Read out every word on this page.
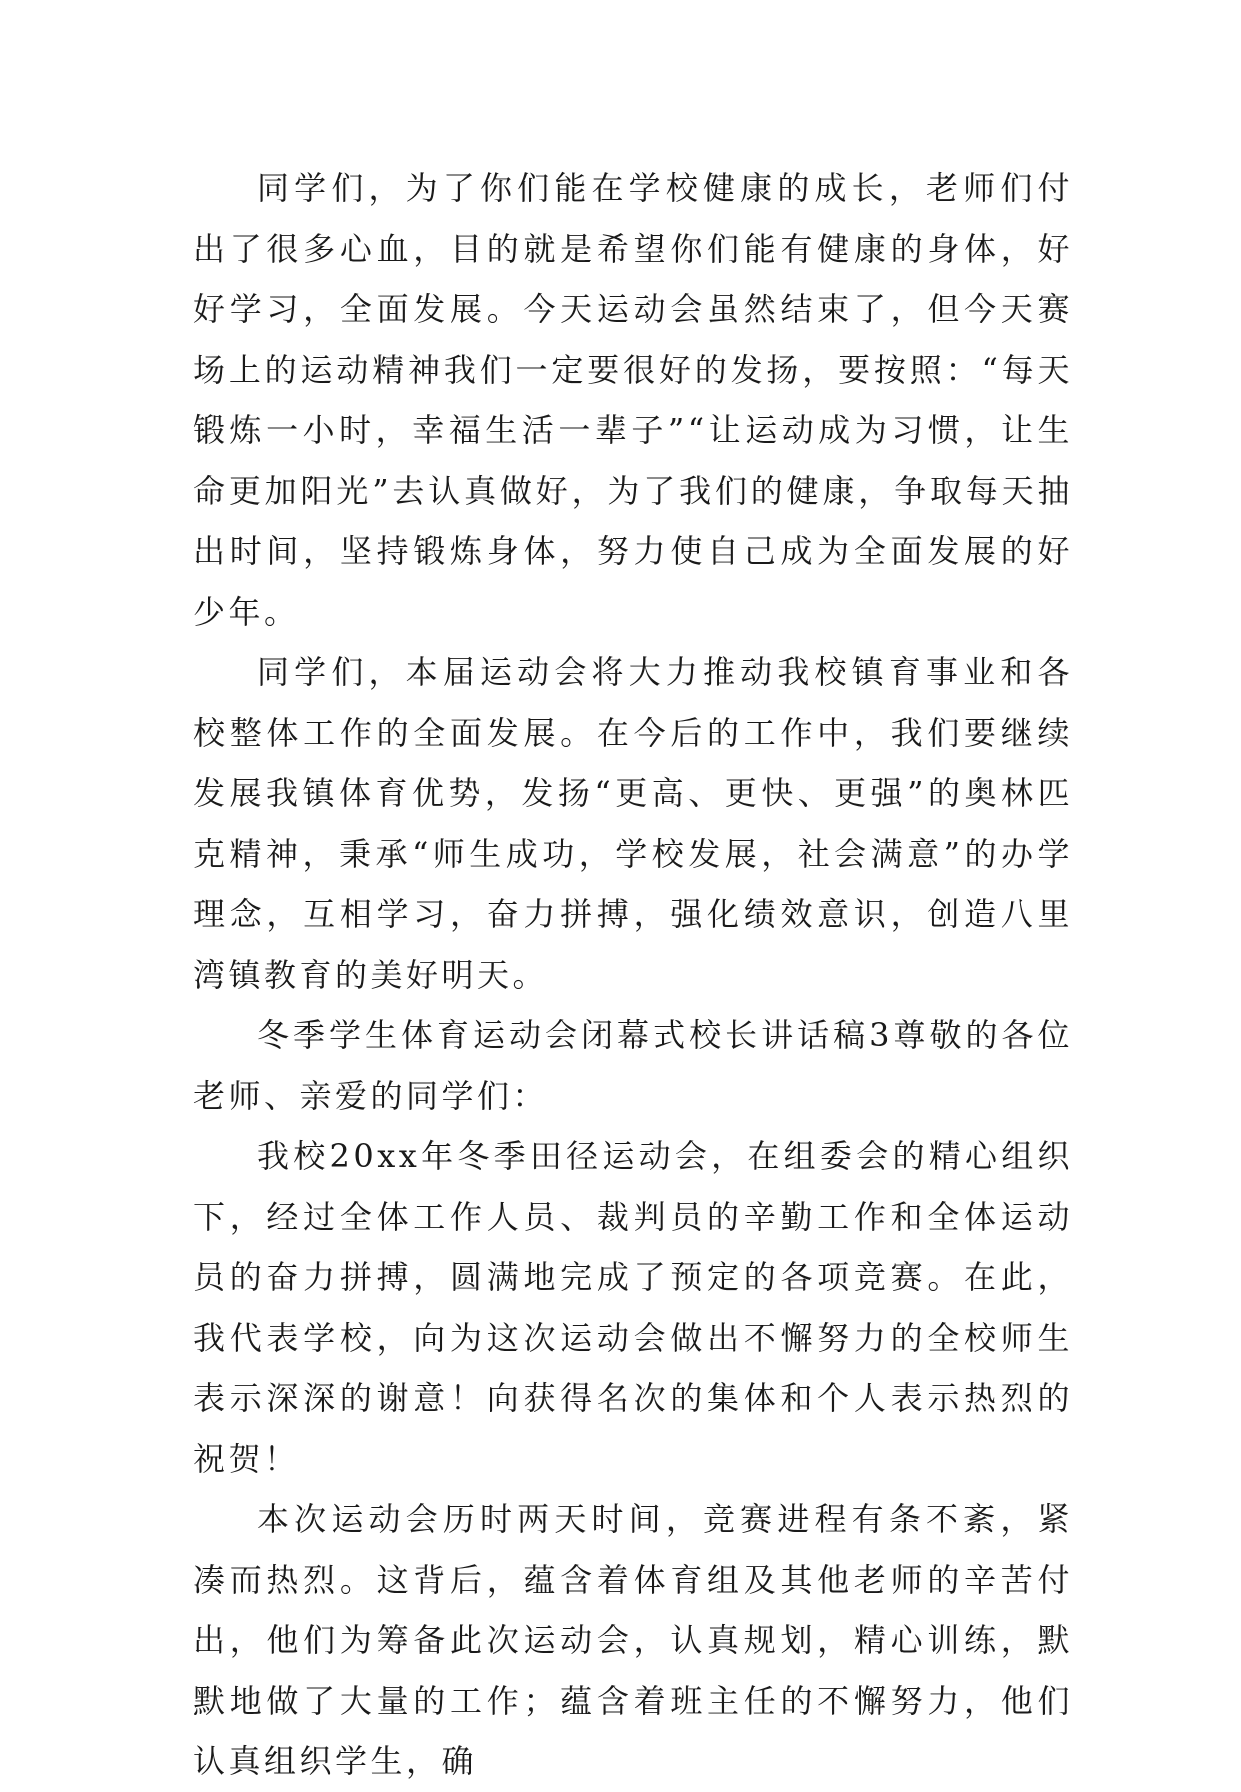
同学们，为了你们能在学校健康的成长，老师们付出了很多心血，目的就是希望你们能有健康的身体，好好学习，全面发展。今天运动会虽然结束了，但今天赛场上的运动精神我们一定要很好的发扬，要按照：“每天锻炼一小时，幸福生活一辈子”“让运动成为习惯，让生命更加阳光”去认真做好，为了我们的健康，争取每天抽出时间，坚持锻炼身体，努力使自己成为全面发展的好少年。

同学们，本届运动会将大力推动我校镇育事业和各校整体工作的全面发展。在今后的工作中，我们要继续发展我镇体育优势，发扬“更高、更快、更强”的奥林匹克精神，秉承“师生成功，学校发展，社会满意”的办学理念，互相学习，奋力拼搏，强化绩效意识，创造八里湾镇教育的美好明天。

冬季学生体育运动会闭幕式校长讲话稿3尊敬的各位老师、亲爱的同学们：

我校20xx年冬季田径运动会，在组委会的精心组织下，经过全体工作人员、裁判员的辛勤工作和全体运动员的奋力拼搏，圆满地完成了预定的各项竞赛。在此，我代表学校，向为这次运动会做出不懈努力的全校师生表示深深的谢意！向获得名次的集体和个人表示热烈的祝贺！

本次运动会历时两天时间，竞赛进程有条不紊，紧凑而热烈。这背后，蕴含着体育组及其他老师的辛苦付出，他们为筹备此次运动会，认真规划，精心训练，默默地做了大量的工作；蕴含着班主任的不懈努力，他们认真组织学生，确
